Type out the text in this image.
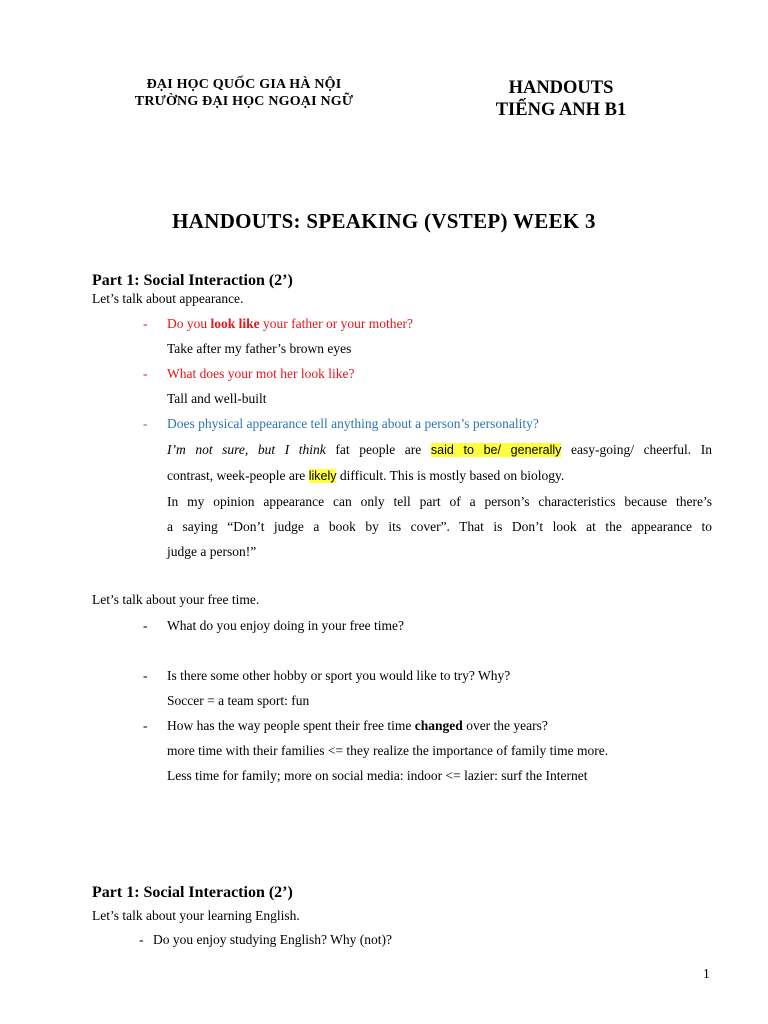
ĐẠI HỌC QUỐC GIA HÀ NỘI
TRƯỜNG ĐẠI HỌC NGOẠI NGỮ
HANDOUTS
TIẾNG ANH B1
HANDOUTS: SPEAKING (VSTEP) WEEK 3
Part 1: Social Interaction (2’)
Let’s talk about appearance.
- Do you look like your father or your mother?
Take after my father’s brown eyes
- What does your mot her look like?
Tall and well-built
- Does physical appearance tell anything about a person’s personality?
I’m not sure, but I think fat people are said to be/ generally easy-going/ cheerful. In
contrast, week-people are likely difficult. This is mostly based on biology.
In my opinion appearance can only tell part of a person’s characteristics because there’s
a saying “Don’t judge a book by its cover”. That is Don’t look at the appearance to
judge a person!”
Let’s talk about your free time.
- What do you enjoy doing in your free time?
- Is there some other hobby or sport you would like to try? Why?
Soccer = a team sport: fun
- How has the way people spent their free time changed over the years?
more time with their families <= they realize the importance of family time more.
Less time for family; more on social media: indoor <= lazier: surf the Internet
Part 1: Social Interaction (2’)
Let’s talk about your learning English.
- Do you enjoy studying English? Why (not)?
1
